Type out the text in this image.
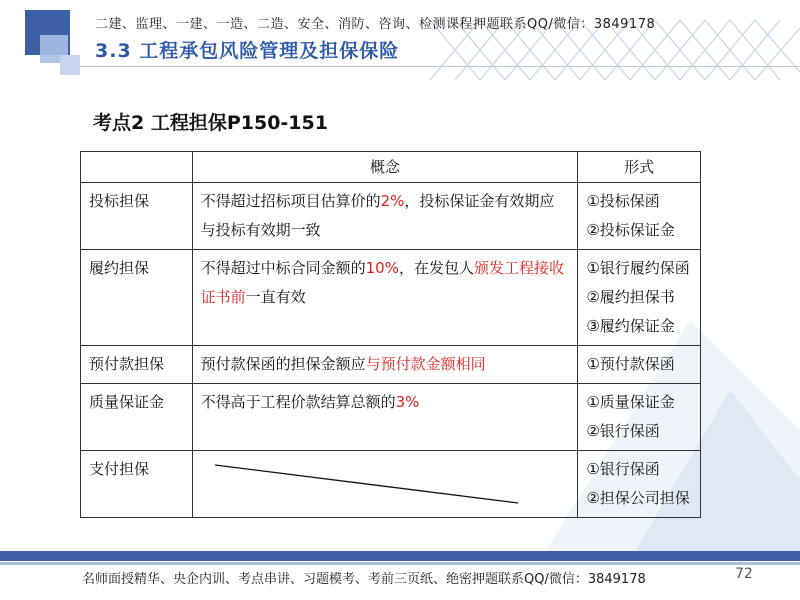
二建、监理、一建、一造、二造、安全、消防、咨询、检测课程押题联系QQ/微信：3849178
3.3 工程承包风险管理及担保保险
考点2 工程担保P150-151
	概念	形式
投标担保	不得超过招标项目估算价的2%，投标保证金有效期应与投标有效期一致	①投标保函
②投标保证金

履约担保	不得超过中标合同金额的10%，在发包人颁发工程接收证书前一直有效	①银行履约保函
②履约担保书
③履约保证金

预付款担保	预付款保函的担保金额应与预付款金额相同	①预付款保函

质量保证金	不得高于工程价款结算总额的3%	①质量保证金
②银行保函

支付担保		①银行保函
②担保公司担保
名师面授精华、央企内训、考点串讲、习题模考、考前三页纸、绝密押题联系QQ/微信：3849178	72
